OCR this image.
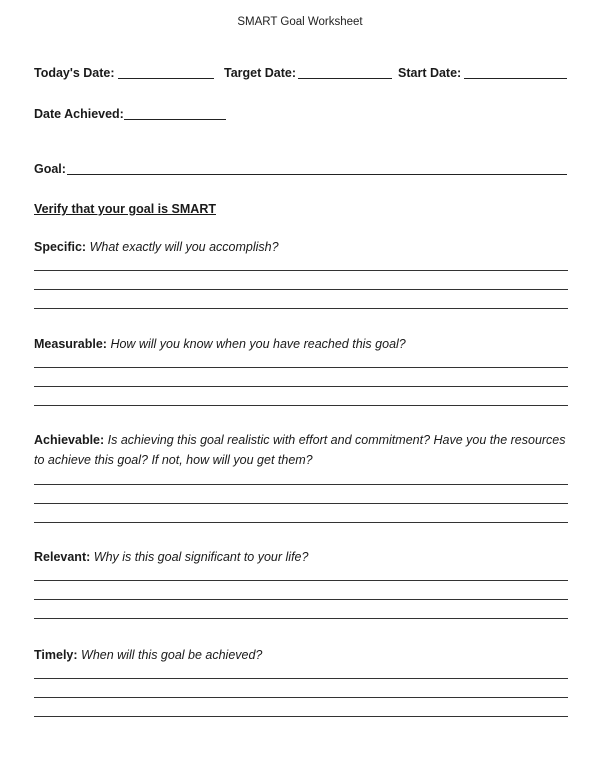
SMART Goal Worksheet
Today's Date:	Target Date:	Start Date:
Date Achieved:
Goal:
Verify that your goal is SMART
Specific: What exactly will you accomplish?
Measurable: How will you know when you have reached this goal?
Achievable: Is achieving this goal realistic with effort and commitment? Have you the resources to achieve this goal? If not, how will you get them?
Relevant: Why is this goal significant to your life?
Timely: When will this goal be achieved?
